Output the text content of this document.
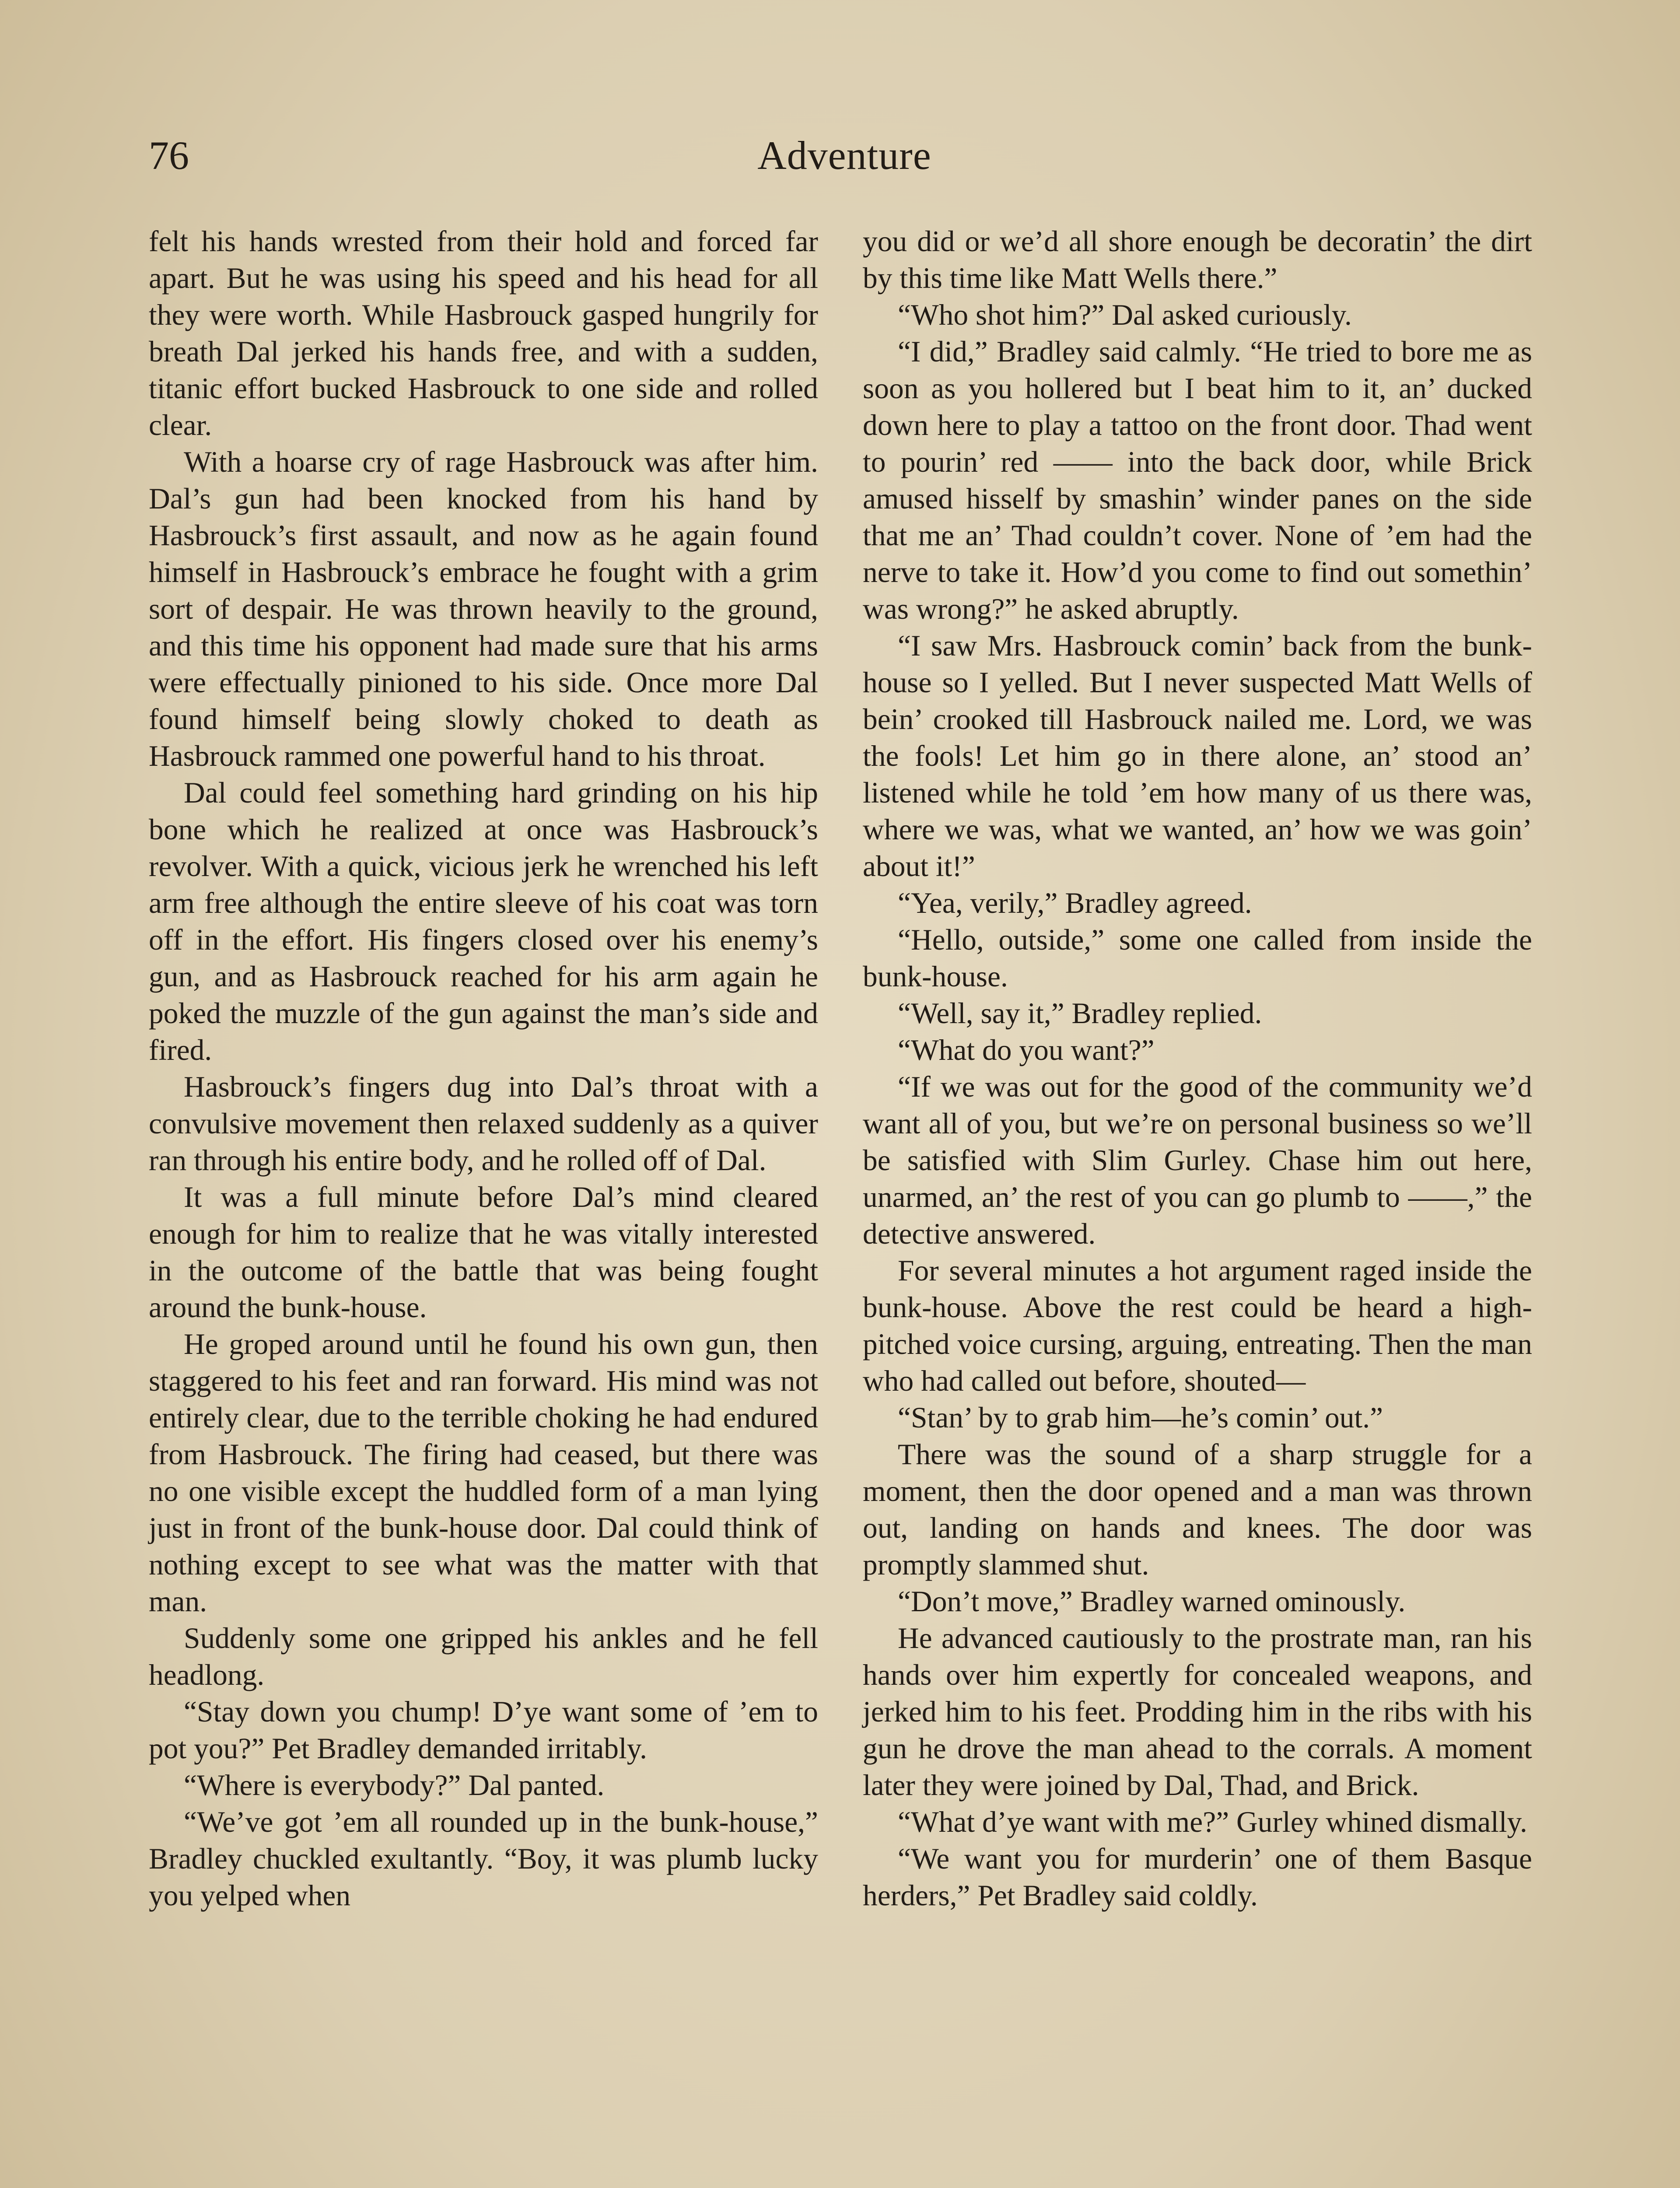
76	Adventure

felt his hands wrested from their hold and forced far apart. But he was using his speed and his head for all they were worth. While Hasbrouck gasped hungrily for breath Dal jerked his hands free, and with a sudden, titanic effort bucked Hasbrouck to one side and rolled clear.

With a hoarse cry of rage Hasbrouck was after him. Dal’s gun had been knocked from his hand by Hasbrouck’s first assault, and now as he again found himself in Hasbrouck’s embrace he fought with a grim sort of despair. He was thrown heavily to the ground, and this time his opponent had made sure that his arms were effectually pinioned to his side. Once more Dal found himself being slowly choked to death as Hasbrouck rammed one powerful hand to his throat.

Dal could feel something hard grinding on his hip bone which he realized at once was Hasbrouck’s revolver. With a quick, vicious jerk he wrenched his left arm free although the entire sleeve of his coat was torn off in the effort. His fingers closed over his enemy’s gun, and as Hasbrouck reached for his arm again he poked the muzzle of the gun against the man’s side and fired.

Hasbrouck’s fingers dug into Dal’s throat with a convulsive movement then relaxed suddenly as a quiver ran through his entire body, and he rolled off of Dal.

It was a full minute before Dal’s mind cleared enough for him to realize that he was vitally interested in the outcome of the battle that was being fought around the bunk-house.

He groped around until he found his own gun, then staggered to his feet and ran forward. His mind was not entirely clear, due to the terrible choking he had endured from Hasbrouck. The firing had ceased, but there was no one visible except the huddled form of a man lying just in front of the bunk-house door. Dal could think of nothing except to see what was the matter with that man.

Suddenly some one gripped his ankles and he fell headlong.

“Stay down you chump! D’ye want some of ’em to pot you?” Pet Bradley demanded irritably.

“Where is everybody?” Dal panted.

“We’ve got ’em all rounded up in the bunk-house,” Bradley chuckled exultantly. “Boy, it was plumb lucky you yelped when

you did or we’d all shore enough be decoratin’ the dirt by this time like Matt Wells there.”

“Who shot him?” Dal asked curiously.

“I did,” Bradley said calmly. “He tried to bore me as soon as you hollered but I beat him to it, an’ ducked down here to play a tattoo on the front door. Thad went to pourin’ red —— into the back door, while Brick amused hisself by smashin’ winder panes on the side that me an’ Thad couldn’t cover. None of ’em had the nerve to take it. How’d you come to find out somethin’ was wrong?” he asked abruptly.

“I saw Mrs. Hasbrouck comin’ back from the bunk-house so I yelled. But I never suspected Matt Wells of bein’ crooked till Hasbrouck nailed me. Lord, we was the fools! Let him go in there alone, an’ stood an’ listened while he told ’em how many of us there was, where we was, what we wanted, an’ how we was goin’ about it!”

“Yea, verily,” Bradley agreed.

“Hello, outside,” some one called from inside the bunk-house.

“Well, say it,” Bradley replied.

“What do you want?”

“If we was out for the good of the community we’d want all of you, but we’re on personal business so we’ll be satisfied with Slim Gurley. Chase him out here, unarmed, an’ the rest of you can go plumb to ——,” the detective answered.

For several minutes a hot argument raged inside the bunk-house. Above the rest could be heard a high-pitched voice cursing, arguing, entreating. Then the man who had called out before, shouted—

“Stan’ by to grab him—he’s comin’ out.”

There was the sound of a sharp struggle for a moment, then the door opened and a man was thrown out, landing on hands and knees. The door was promptly slammed shut.

“Don’t move,” Bradley warned ominously.

He advanced cautiously to the prostrate man, ran his hands over him expertly for concealed weapons, and jerked him to his feet. Prodding him in the ribs with his gun he drove the man ahead to the corrals. A moment later they were joined by Dal, Thad, and Brick.

“What d’ye want with me?” Gurley whined dismally.

“We want you for murderin’ one of them Basque herders,” Pet Bradley said coldly.
